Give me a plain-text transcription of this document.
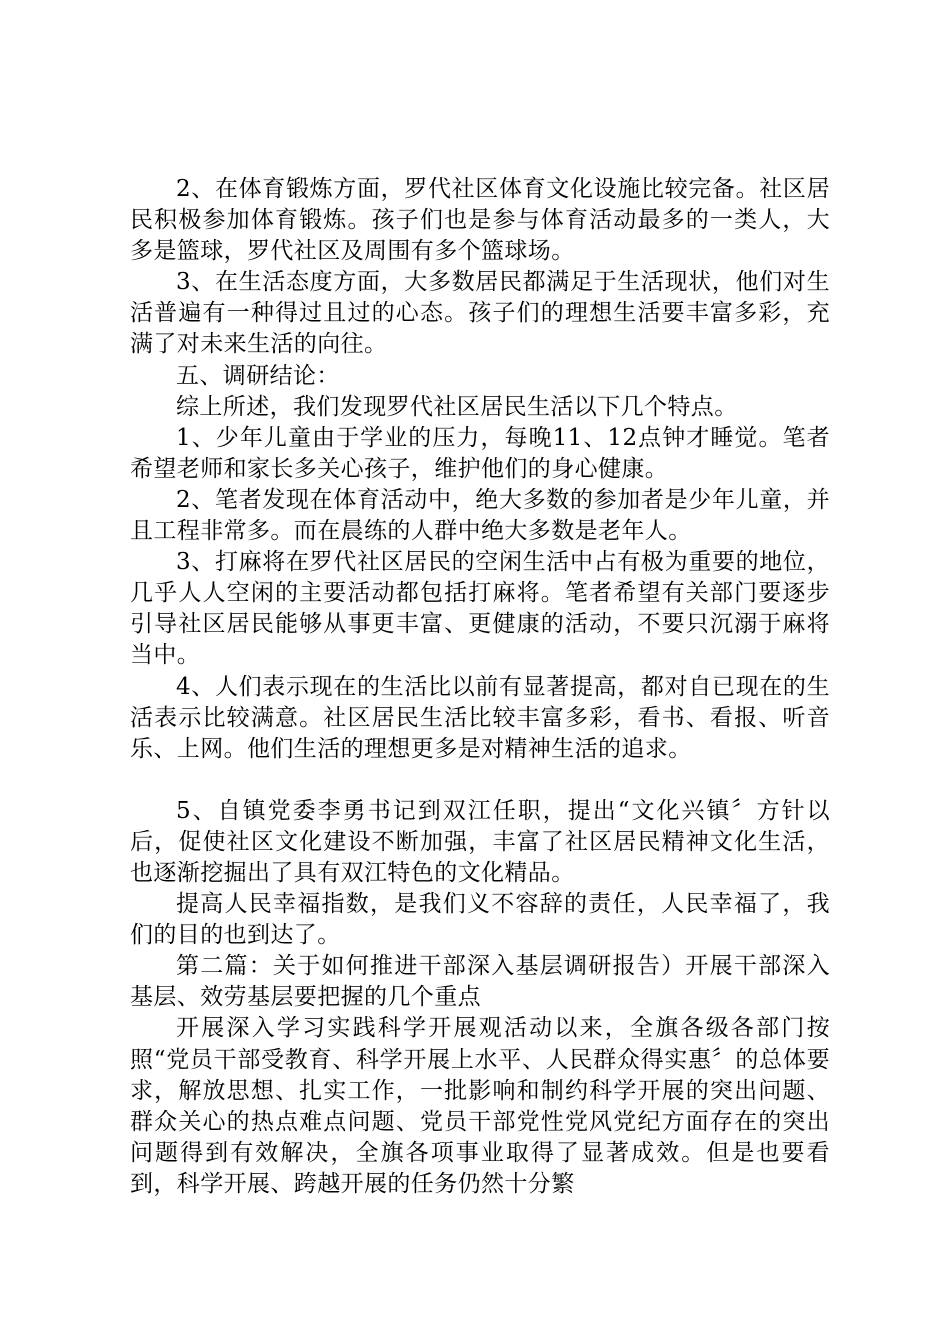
2、在体育锻炼方面，罗代社区体育文化设施比较完备。社区居民积极参加体育锻炼。孩子们也是参与体育活动最多的一类人，大多是篮球，罗代社区及周围有多个篮球场。

3、在生活态度方面，大多数居民都满足于生活现状，他们对生活普遍有一种得过且过的心态。孩子们的理想生活要丰富多彩，充满了对未来生活的向往。

五、调研结论：

综上所述，我们发现罗代社区居民生活以下几个特点。

1、少年儿童由于学业的压力，每晚11、12点钟才睡觉。笔者希望老师和家长多关心孩子，维护他们的身心健康。

2、笔者发现在体育活动中，绝大多数的参加者是少年儿童，并且工程非常多。而在晨练的人群中绝大多数是老年人。

3、打麻将在罗代社区居民的空闲生活中占有极为重要的地位，几乎人人空闲的主要活动都包括打麻将。笔者希望有关部门要逐步引导社区居民能够从事更丰富、更健康的活动，不要只沉溺于麻将当中。

4、人们表示现在的生活比以前有显著提高，都对自已现在的生活表示比较满意。社区居民生活比较丰富多彩，看书、看报、听音乐、上网。他们生活的理想更多是对精神生活的追求。

5、自镇党委李勇书记到双江任职，提出“文化兴镇〞方针以后，促使社区文化建设不断加强，丰富了社区居民精神文化生活，也逐渐挖掘出了具有双江特色的文化精品。

提高人民幸福指数，是我们义不容辞的责任，人民幸福了，我们的目的也到达了。

第二篇：关于如何推进干部深入基层调研报告）开展干部深入基层、效劳基层要把握的几个重点

开展深入学习实践科学开展观活动以来，全旗各级各部门按照“党员干部受教育、科学开展上水平、人民群众得实惠〞的总体要求，解放思想、扎实工作，一批影响和制约科学开展的突出问题、群众关心的热点难点问题、党员干部党性党风党纪方面存在的突出问题得到有效解决，全旗各项事业取得了显著成效。但是也要看到，科学开展、跨越开展的任务仍然十分繁
